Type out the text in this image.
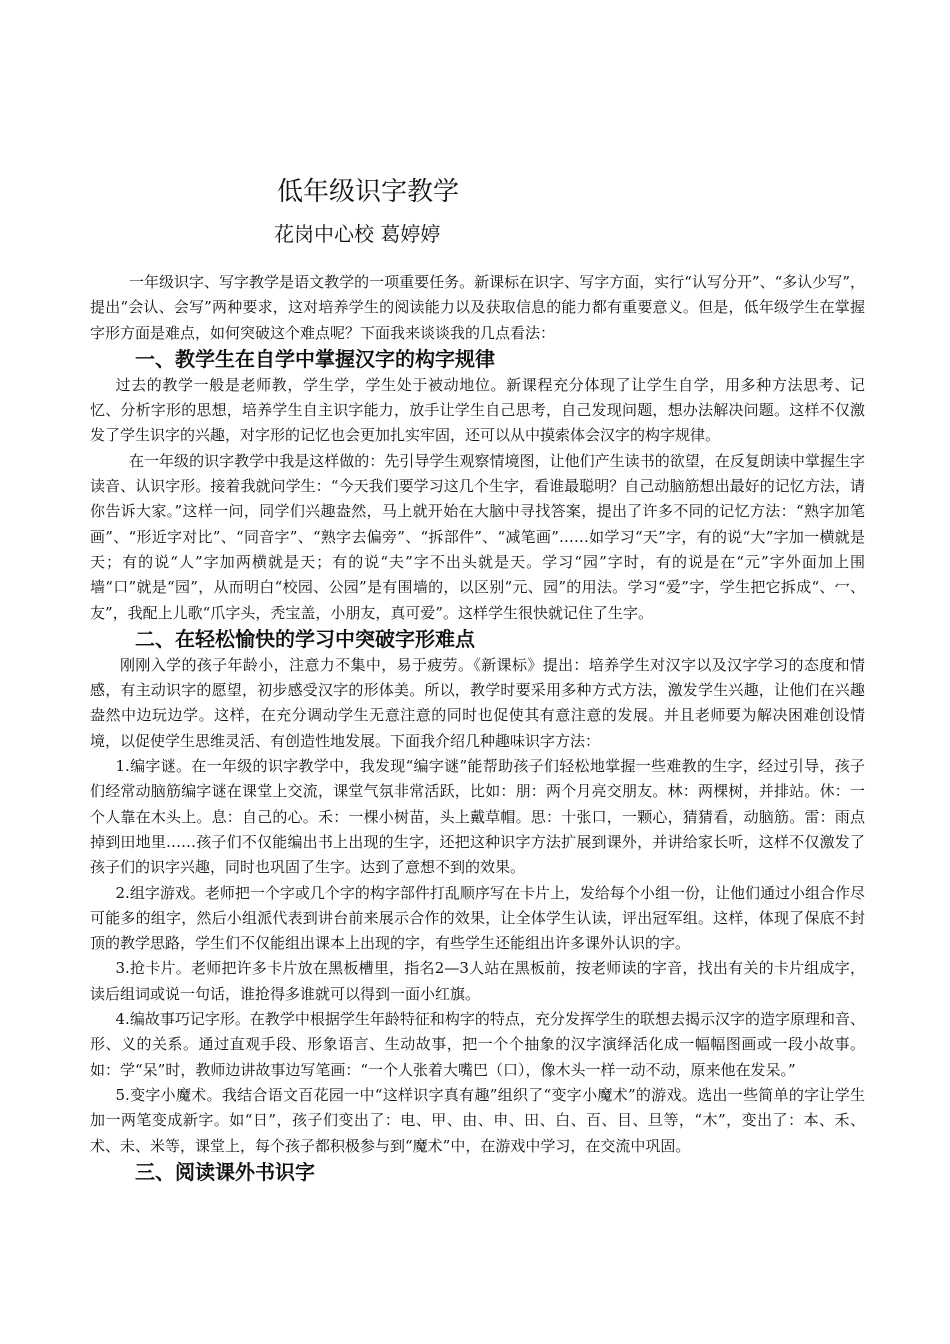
低年级识字教学
花岗中心校 葛婷婷

一年级识字、写字教学是语文教学的一项重要任务。新课标在识字、写字方面，实行“认写分开”、“多认少写”，提出“会认、会写”两种要求，这对培养学生的阅读能力以及获取信息的能力都有重要意义。但是，低年级学生在掌握字形方面是难点，如何突破这个难点呢？下面我来谈谈我的几点看法：

一、教学生在自学中掌握汉字的构字规律

过去的教学一般是老师教，学生学，学生处于被动地位。新课程充分体现了让学生自学，用多种方法思考、记忆、分析字形的思想，培养学生自主识字能力，放手让学生自己思考，自己发现问题，想办法解决问题。这样不仅激发了学生识字的兴趣，对字形的记忆也会更加扎实牢固，还可以从中摸索体会汉字的构字规律。

在一年级的识字教学中我是这样做的：先引导学生观察情境图，让他们产生读书的欲望，在反复朗读中掌握生字读音、认识字形。接着我就问学生：“今天我们要学习这几个生字，看谁最聪明？自己动脑筋想出最好的记忆方法，请你告诉大家。”这样一问，同学们兴趣盎然，马上就开始在大脑中寻找答案，提出了许多不同的记忆方法：“熟字加笔画”、“形近字对比”、“同音字”、“熟字去偏旁”、“拆部件”、“减笔画”……如学习“天”字，有的说“大”字加一横就是天；有的说“人”字加两横就是天；有的说“夫”字不出头就是天。学习“园”字时，有的说是在“元”字外面加上围墙“口”就是“园”，从而明白“校园、公园”是有围墙的，以区别“元、园”的用法。学习“爱”字，学生把它拆成“、冖、友”，我配上儿歌“爪字头，秃宝盖，小朋友，真可爱”。这样学生很快就记住了生字。

二、在轻松愉快的学习中突破字形难点

刚刚入学的孩子年龄小，注意力不集中，易于疲劳。《新课标》提出：培养学生对汉字以及汉字学习的态度和情感，有主动识字的愿望，初步感受汉字的形体美。所以，教学时要采用多种方式方法，激发学生兴趣，让他们在兴趣盎然中边玩边学。这样，在充分调动学生无意注意的同时也促使其有意注意的发展。并且老师要为解决困难创设情境，以促使学生思维灵活、有创造性地发展。下面我介绍几种趣味识字方法：

1.编字谜。在一年级的识字教学中，我发现“编字谜”能帮助孩子们轻松地掌握一些难教的生字，经过引导，孩子们经常动脑筋编字谜在课堂上交流，课堂气氛非常活跃，比如：朋：两个月亮交朋友。林：两棵树，并排站。休：一个人靠在木头上。息：自己的心。禾：一棵小树苗，头上戴草帽。思：十张口，一颗心，猜猜看，动脑筋。雷：雨点掉到田地里……孩子们不仅能编出书上出现的生字，还把这种识字方法扩展到课外，并讲给家长听，这样不仅激发了孩子们的识字兴趣，同时也巩固了生字。达到了意想不到的效果。

2.组字游戏。老师把一个字或几个字的构字部件打乱顺序写在卡片上，发给每个小组一份，让他们通过小组合作尽可能多的组字，然后小组派代表到讲台前来展示合作的效果，让全体学生认读，评出冠军组。这样，体现了保底不封顶的教学思路，学生们不仅能组出课本上出现的字，有些学生还能组出许多课外认识的字。

3.抢卡片。老师把许多卡片放在黑板槽里，指名2—3人站在黑板前，按老师读的字音，找出有关的卡片组成字，读后组词或说一句话，谁抢得多谁就可以得到一面小红旗。

4.编故事巧记字形。在教学中根据学生年龄特征和构字的特点，充分发挥学生的联想去揭示汉字的造字原理和音、形、义的关系。通过直观手段、形象语言、生动故事，把一个个抽象的汉字演绎活化成一幅幅图画或一段小故事。如：学“呆”时，教师边讲故事边写笔画：“一个人张着大嘴巴（口），像木头一样一动不动，原来他在发呆。”

5.变字小魔术。我结合语文百花园一中“这样识字真有趣”组织了“变字小魔术”的游戏。选出一些简单的字让学生加一两笔变成新字。如“日”，孩子们变出了：电、甲、由、申、田、白、百、目、旦等，“木”，变出了：本、禾、术、未、米等，课堂上，每个孩子都积极参与到“魔术”中，在游戏中学习，在交流中巩固。

三、阅读课外书识字
